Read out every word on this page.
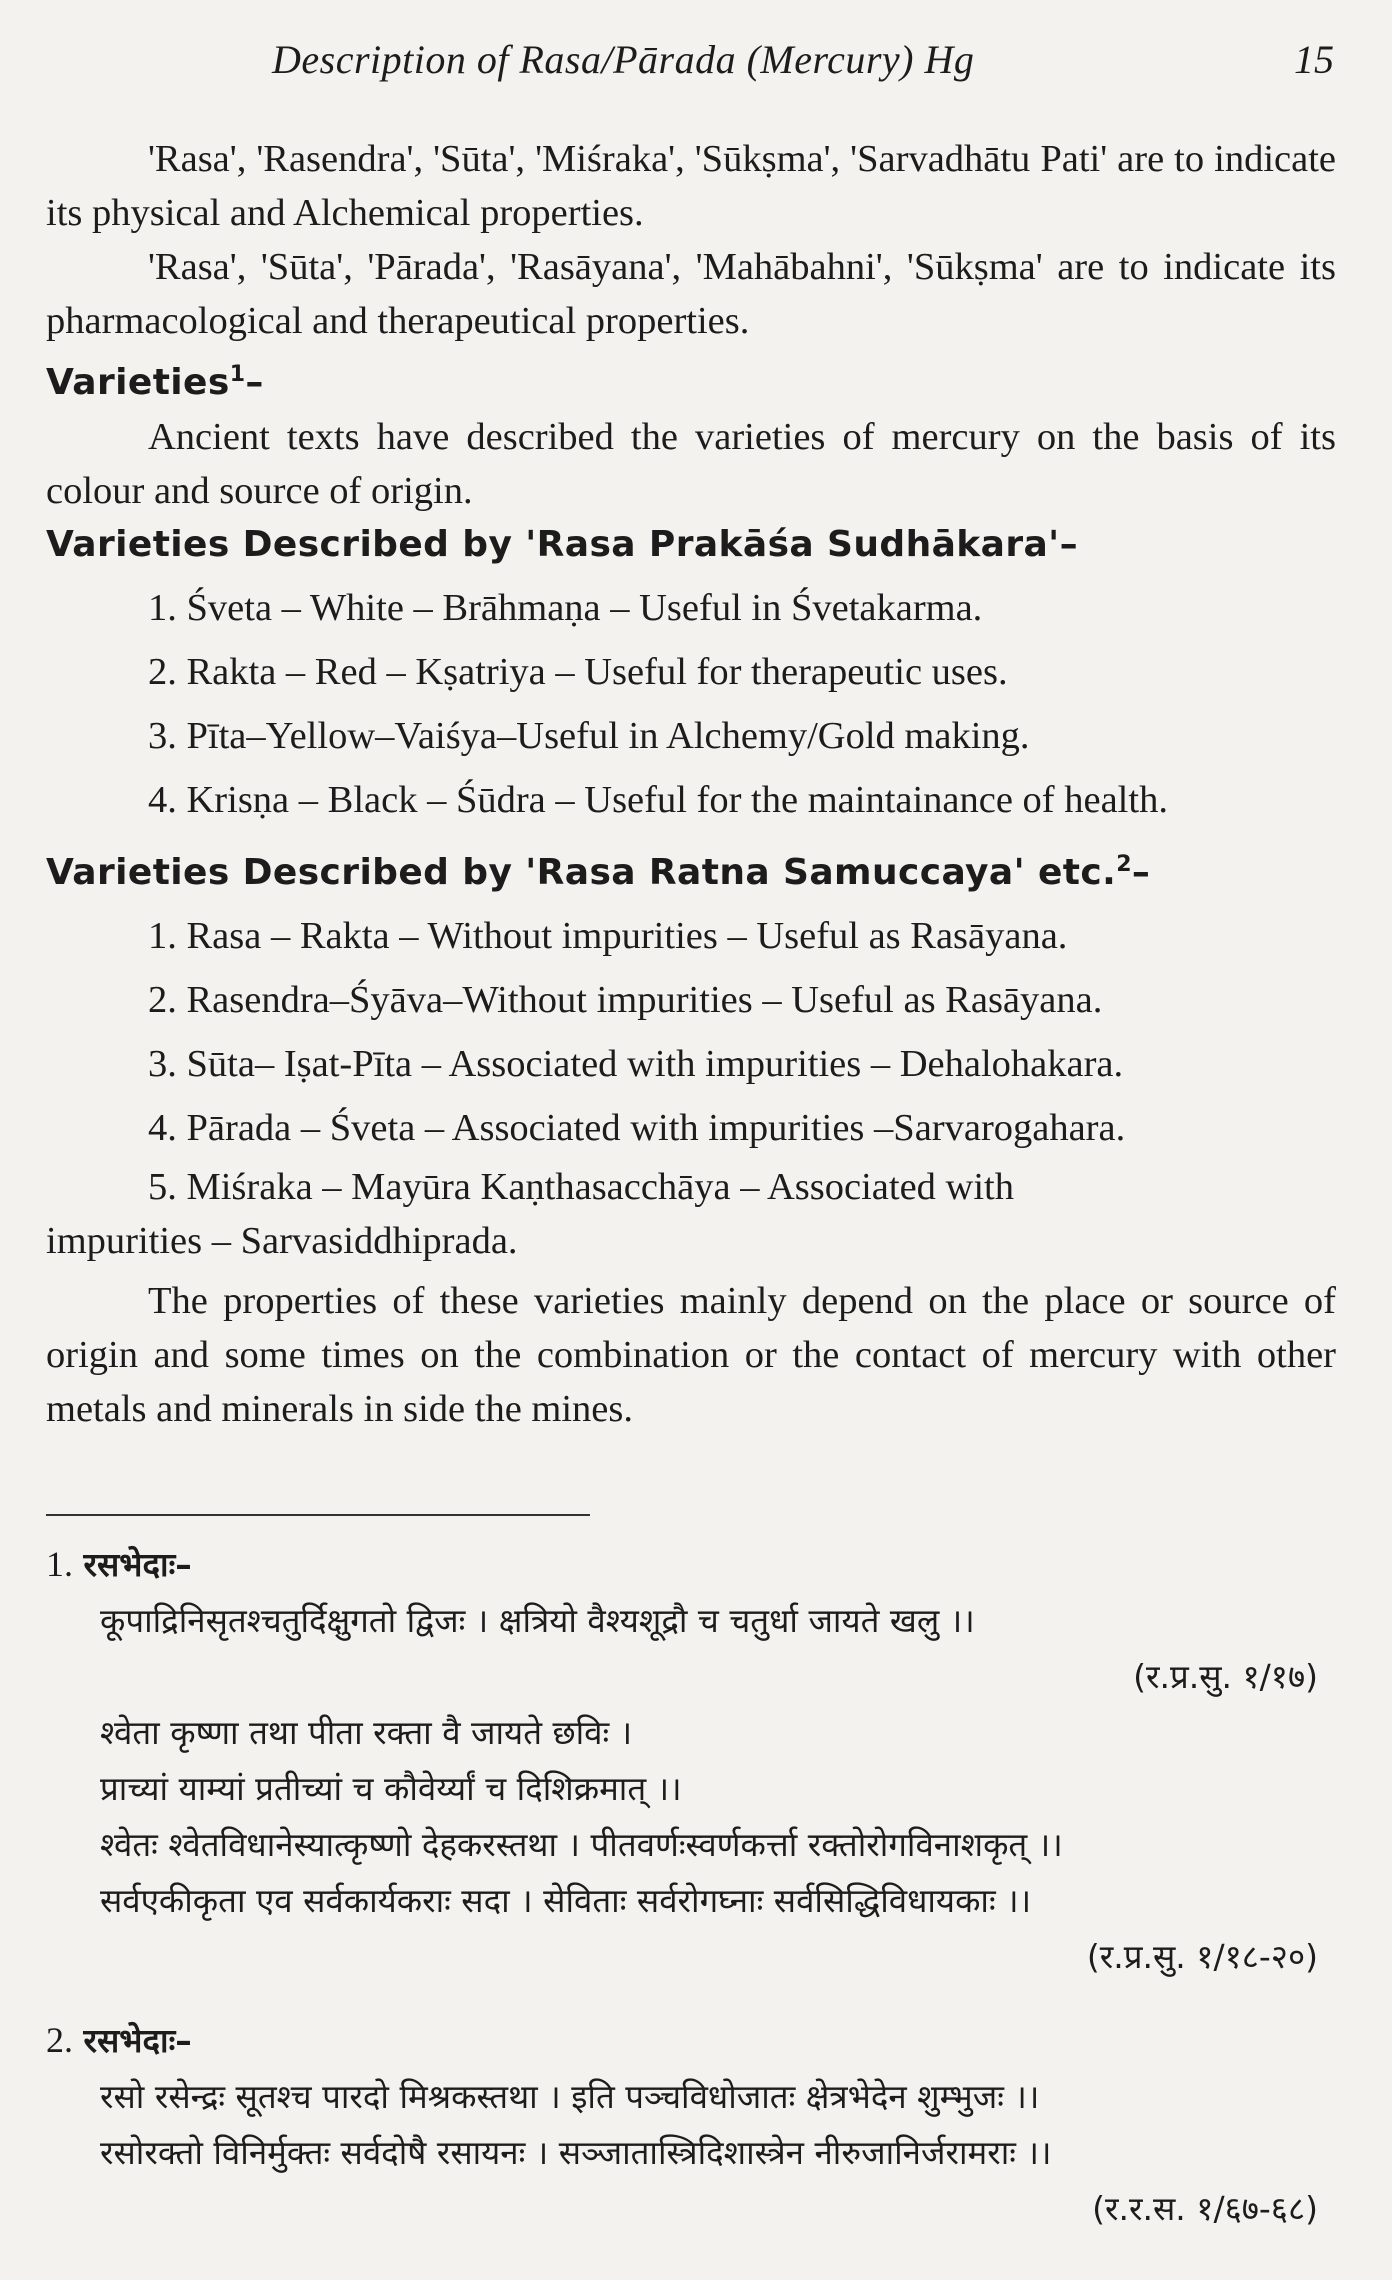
Description of Rasa/Pārada (Mercury) Hg	15

'Rasa', 'Rasendra', 'Sūta', 'Miśraka', 'Sūkṣma', 'Sarvadhātu Pati' are to indicate its physical and Alchemical properties.

'Rasa', 'Sūta', 'Pārada', 'Rasāyana', 'Mahābahni', 'Sūkṣma' are to indicate its pharmacological and therapeutical properties.

Varieties$^1$–

Ancient texts have described the varieties of mercury on the basis of its colour and source of origin.

Varieties Described by 'Rasa Prakāśa Sudhākara'–

1. Śveta – White – Brāhmaṇa – Useful in Śvetakarma.
2. Rakta – Red – Kṣatriya – Useful for therapeutic uses.
3. Pīta–Yellow–Vaiśya–Useful in Alchemy/Gold making.
4. Krisṇa – Black – Śūdra – Useful for the maintainance of health.

Varieties Described by 'Rasa Ratna Samuccaya' etc.$^2$–

1. Rasa – Rakta – Without impurities – Useful as Rasāyana.
2. Rasendra–Śyāva–Without impurities – Useful as Rasāyana.
3. Sūta– Iṣat-Pīta – Associated with impurities – Dehalohakara.
4. Pārada – Śveta – Associated with impurities –Sarvarogahara.
5. Miśraka – Mayūra Kaṇthasacchāya – Associated with
impurities – Sarvasiddhiprada.

The properties of these varieties mainly depend on the place or source of origin and some times on the combination or the contact of mercury with other metals and minerals in side the mines.

1. रसभेदाः–
कूपाद्रिनिसृतश्चतुर्दिक्षुगतो द्विजः । क्षत्रियो वैश्यशूद्रौ च चतुर्धा जायते खलु ।।
(र.प्र.सु. १/१७)
श्वेता कृष्णा तथा पीता रक्ता वै जायते छविः ।
प्राच्यां याम्यां प्रतीच्यां च कौवेर्य्यां च दिशिक्रमात् ।।
श्वेतः श्वेतविधानेस्यात्कृष्णो देहकरस्तथा । पीतवर्णःस्वर्णकर्त्ता रक्तोरोगविनाशकृत् ।।
सर्वएकीकृता एव सर्वकार्यकराः सदा । सेविताः सर्वरोगघ्नाः सर्वसिद्धिविधायकाः ।।
(र.प्र.सु. १/१८-२०)
2. रसभेदाः–
रसो रसेन्द्रः सूतश्च पारदो मिश्रकस्तथा । इति पञ्चविधोजातः क्षेत्रभेदेन शुम्भुजः ।।
रसोरक्तो विनिर्मुक्तः सर्वदोषै रसायनः । सञ्जातास्त्रिदिशास्त्रेन नीरुजानिर्जरामराः ।।
(र.र.स. १/६७-६८)
